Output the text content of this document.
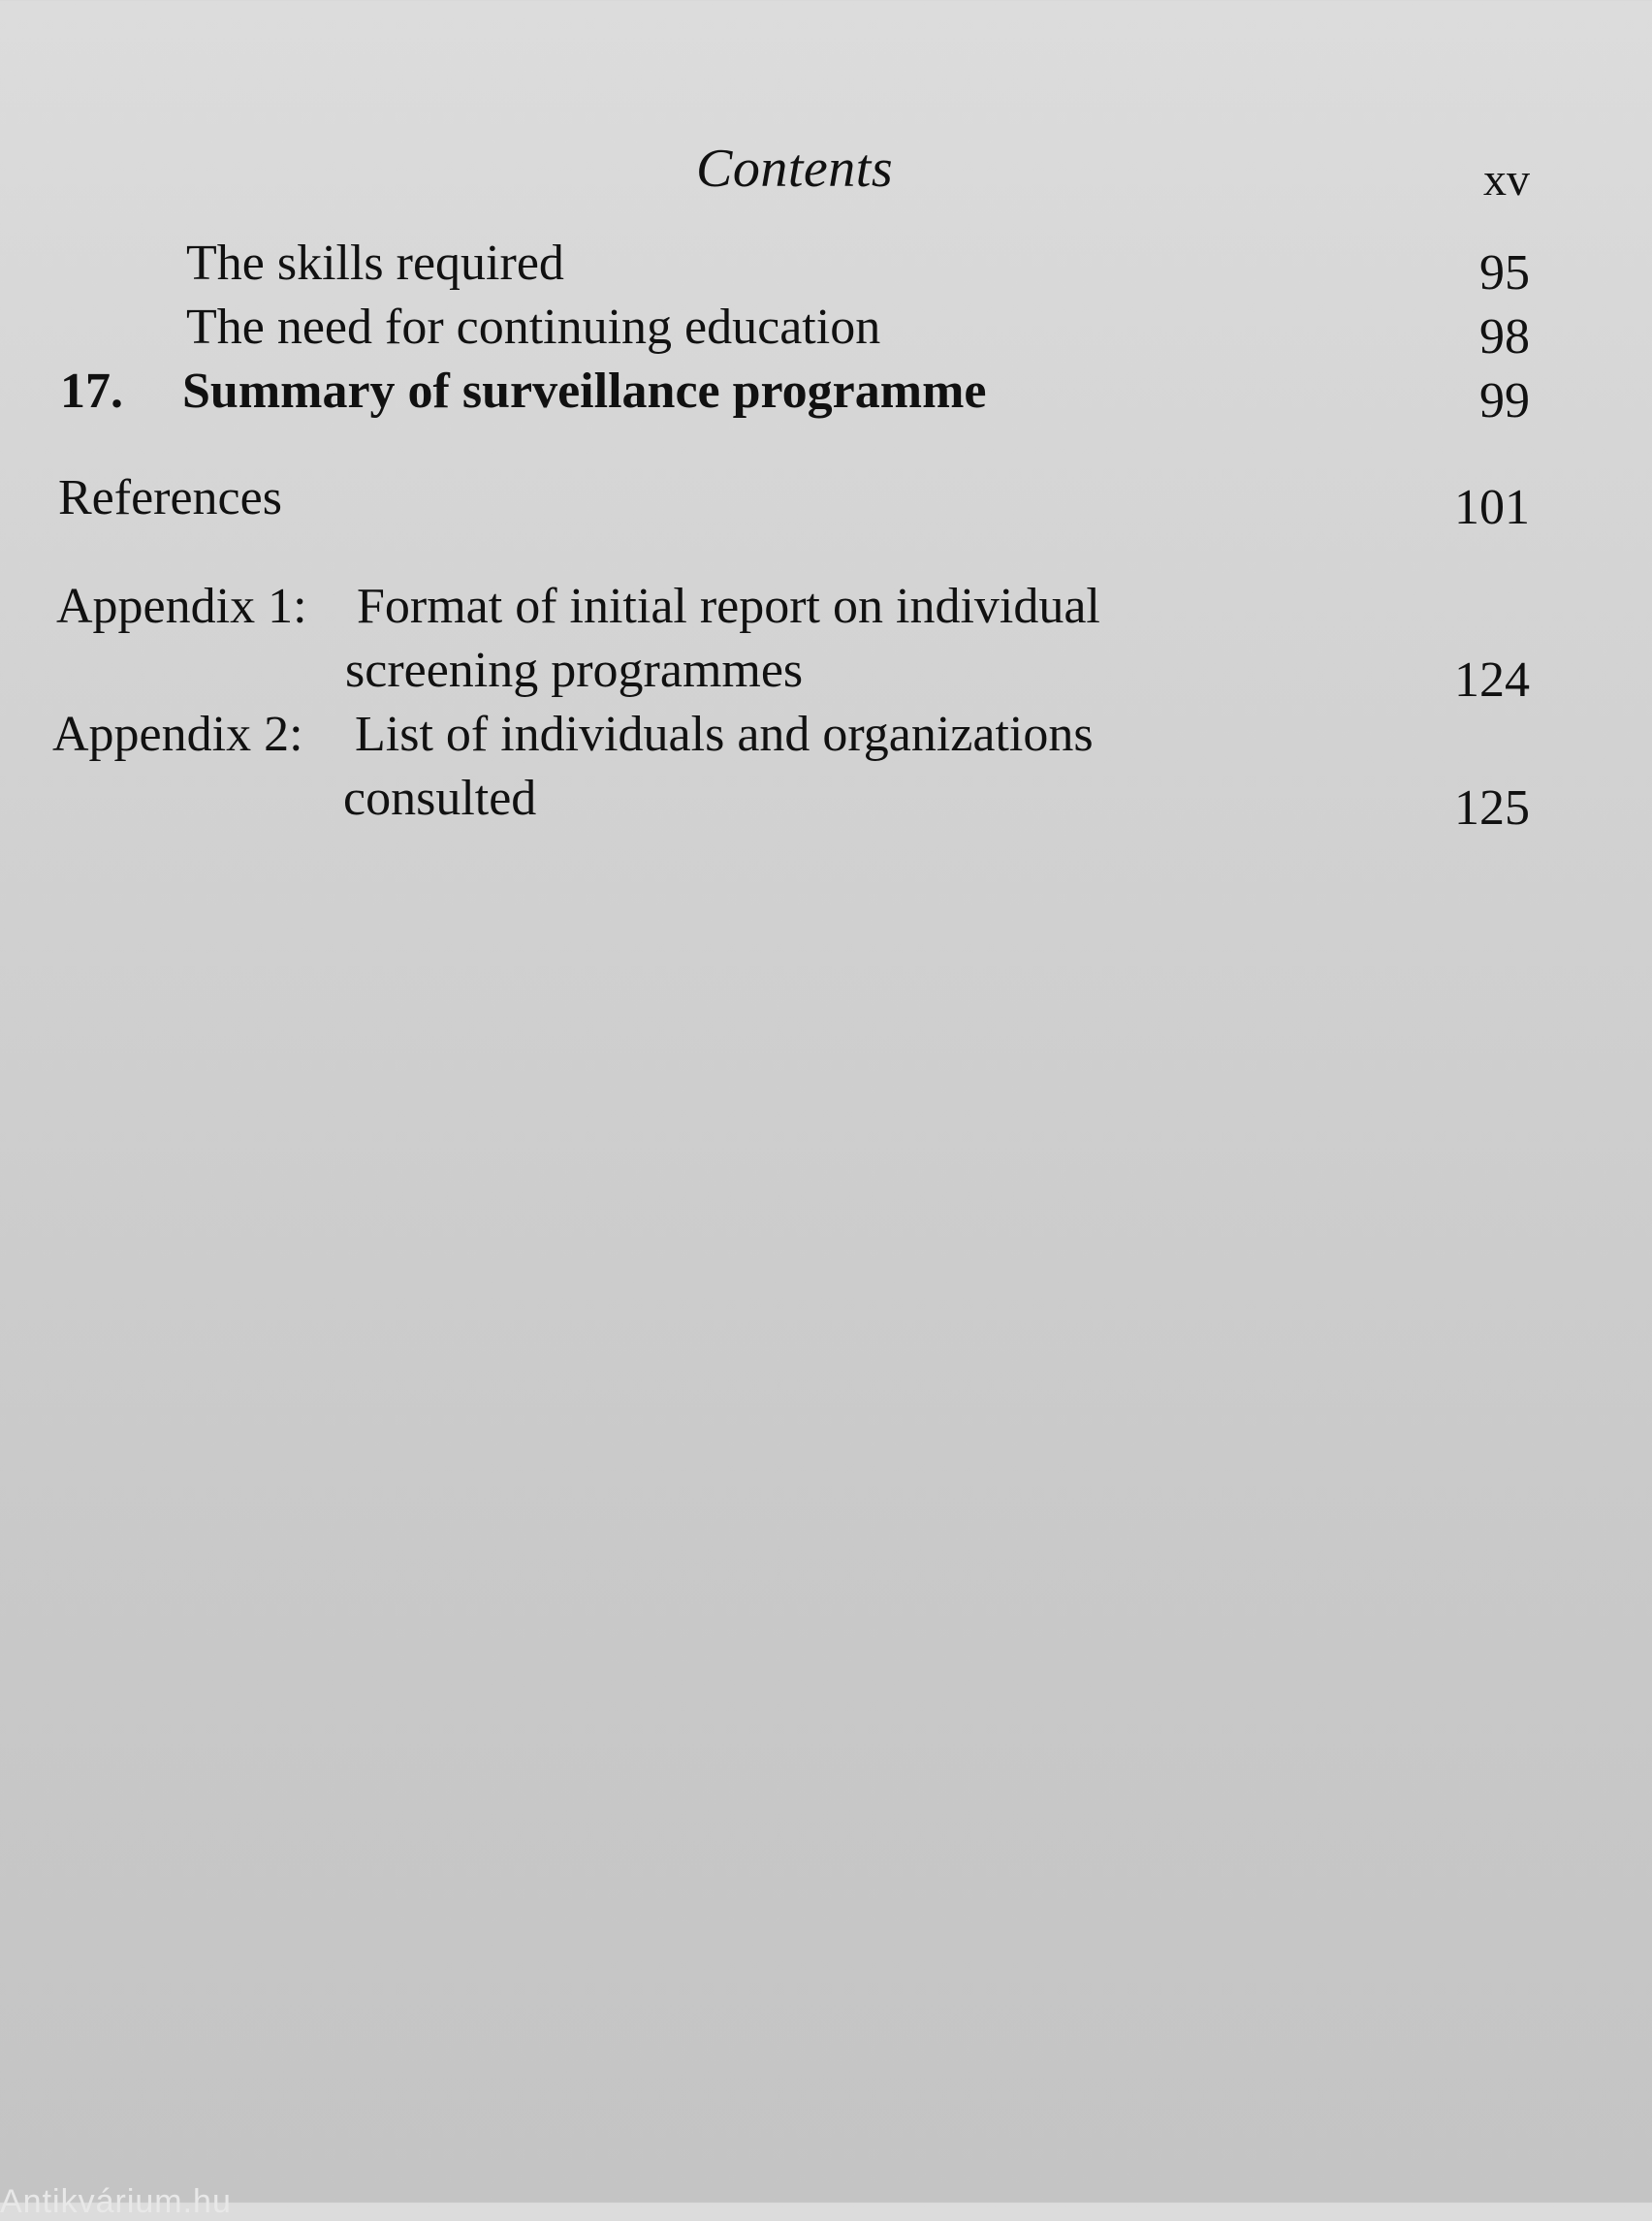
Contents	xv
The skills required	95
The need for continuing education	98
17. Summary of surveillance programme	99
References	101
Appendix 1: Format of initial report on individual
screening programmes	124
Appendix 2: List of individuals and organizations
consulted	125
Antikvárium.hu
